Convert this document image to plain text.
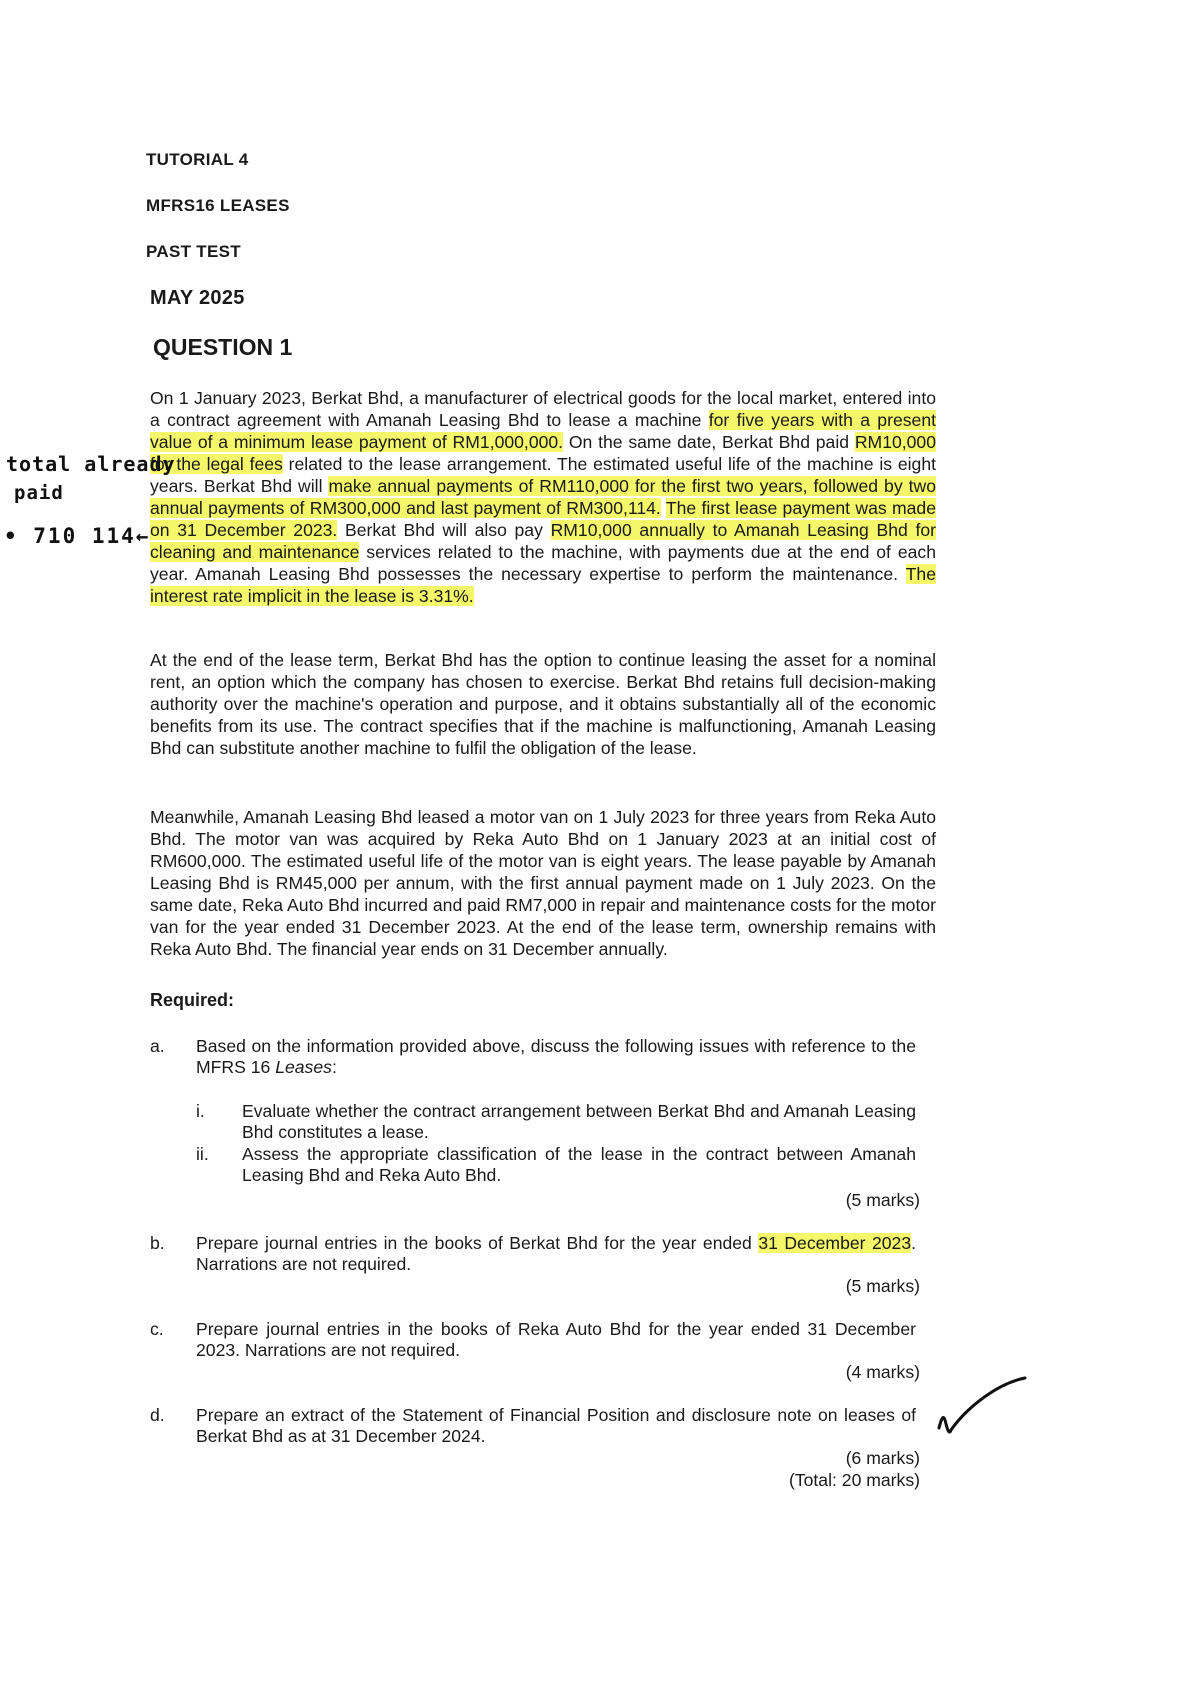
TUTORIAL 4
MFRS16 LEASES
PAST TEST
MAY 2025
QUESTION 1

On 1 January 2023, Berkat Bhd, a manufacturer of electrical goods for the local market, entered into a contract agreement with Amanah Leasing Bhd to lease a machine for five years with a present value of a minimum lease payment of RM1,000,000. On the same date, Berkat Bhd paid RM10,000 for the legal fees related to the lease arrangement. The estimated useful life of the machine is eight years. Berkat Bhd will make annual payments of RM110,000 for the first two years, followed by two annual payments of RM300,000 and last payment of RM300,114. The first lease payment was made on 31 December 2023. Berkat Bhd will also pay RM10,000 annually to Amanah Leasing Bhd for cleaning and maintenance services related to the machine, with payments due at the end of each year. Amanah Leasing Bhd possesses the necessary expertise to perform the maintenance. The interest rate implicit in the lease is 3.31%.

At the end of the lease term, Berkat Bhd has the option to continue leasing the asset for a nominal rent, an option which the company has chosen to exercise. Berkat Bhd retains full decision-making authority over the machine's operation and purpose, and it obtains substantially all of the economic benefits from its use. The contract specifies that if the machine is malfunctioning, Amanah Leasing Bhd can substitute another machine to fulfil the obligation of the lease.

Meanwhile, Amanah Leasing Bhd leased a motor van on 1 July 2023 for three years from Reka Auto Bhd. The motor van was acquired by Reka Auto Bhd on 1 January 2023 at an initial cost of RM600,000. The estimated useful life of the motor van is eight years. The lease payable by Amanah Leasing Bhd is RM45,000 per annum, with the first annual payment made on 1 July 2023. On the same date, Reka Auto Bhd incurred and paid RM7,000 in repair and maintenance costs for the motor van for the year ended 31 December 2023. At the end of the lease term, ownership remains with Reka Auto Bhd. The financial year ends on 31 December annually.

Required:
a. Based on the information provided above, discuss the following issues with reference to the MFRS 16 Leases:
i. Evaluate whether the contract arrangement between Berkat Bhd and Amanah Leasing Bhd constitutes a lease.
ii. Assess the appropriate classification of the lease in the contract between Amanah Leasing Bhd and Reka Auto Bhd.
(5 marks)
b. Prepare journal entries in the books of Berkat Bhd for the year ended 31 December 2023. Narrations are not required.
(5 marks)
c. Prepare journal entries in the books of Reka Auto Bhd for the year ended 31 December 2023. Narrations are not required.
(4 marks)
d. Prepare an extract of the Statement of Financial Position and disclosure note on leases of Berkat Bhd as at 31 December 2024.
(6 marks)
(Total: 20 marks)
total already
paid
• 710 114←
